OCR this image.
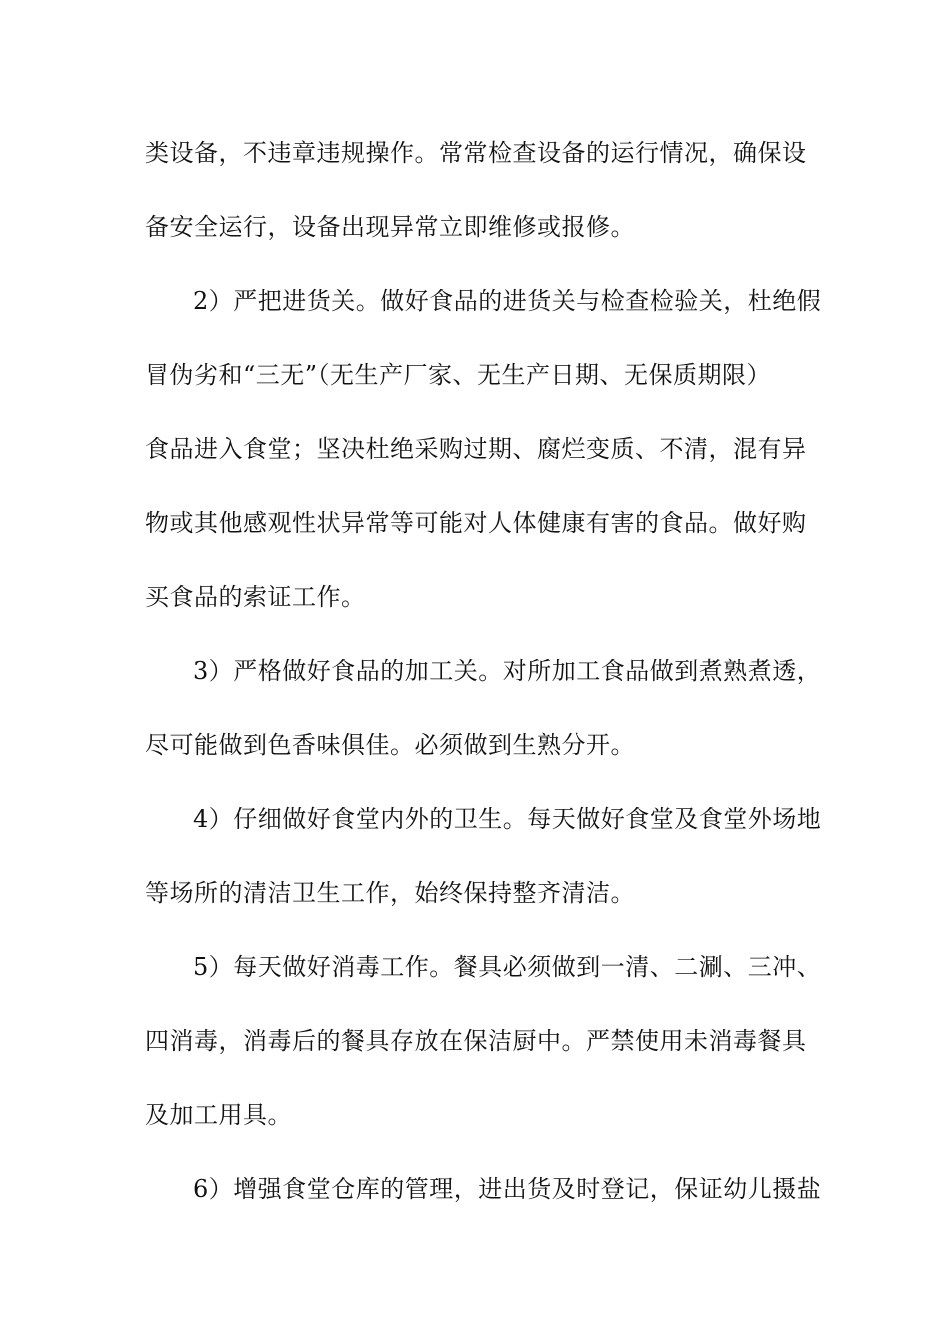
类设备，不违章违规操作。常常检查设备的运行情况，确保设
备安全运行，设备出现异常立即维修或报修。
2）严把进货关。做好食品的进货关与检查检验关，杜绝假
冒伪劣和“三无”（无生产厂家、无生产日期、无保质期限）
食品进入食堂；坚决杜绝采购过期、腐烂变质、不清，混有异
物或其他感观性状异常等可能对人体健康有害的食品。做好购
买食品的索证工作。
3）严格做好食品的加工关。对所加工食品做到煮熟煮透，
尽可能做到色香味俱佳。必须做到生熟分开。
4）仔细做好食堂内外的卫生。每天做好食堂及食堂外场地
等场所的清洁卫生工作，始终保持整齐清洁。
5）每天做好消毒工作。餐具必须做到一清、二涮、三冲、
四消毒，消毒后的餐具存放在保洁厨中。严禁使用未消毒餐具
及加工用具。
6）增强食堂仓库的管理，进出货及时登记，保证幼儿摄盐
